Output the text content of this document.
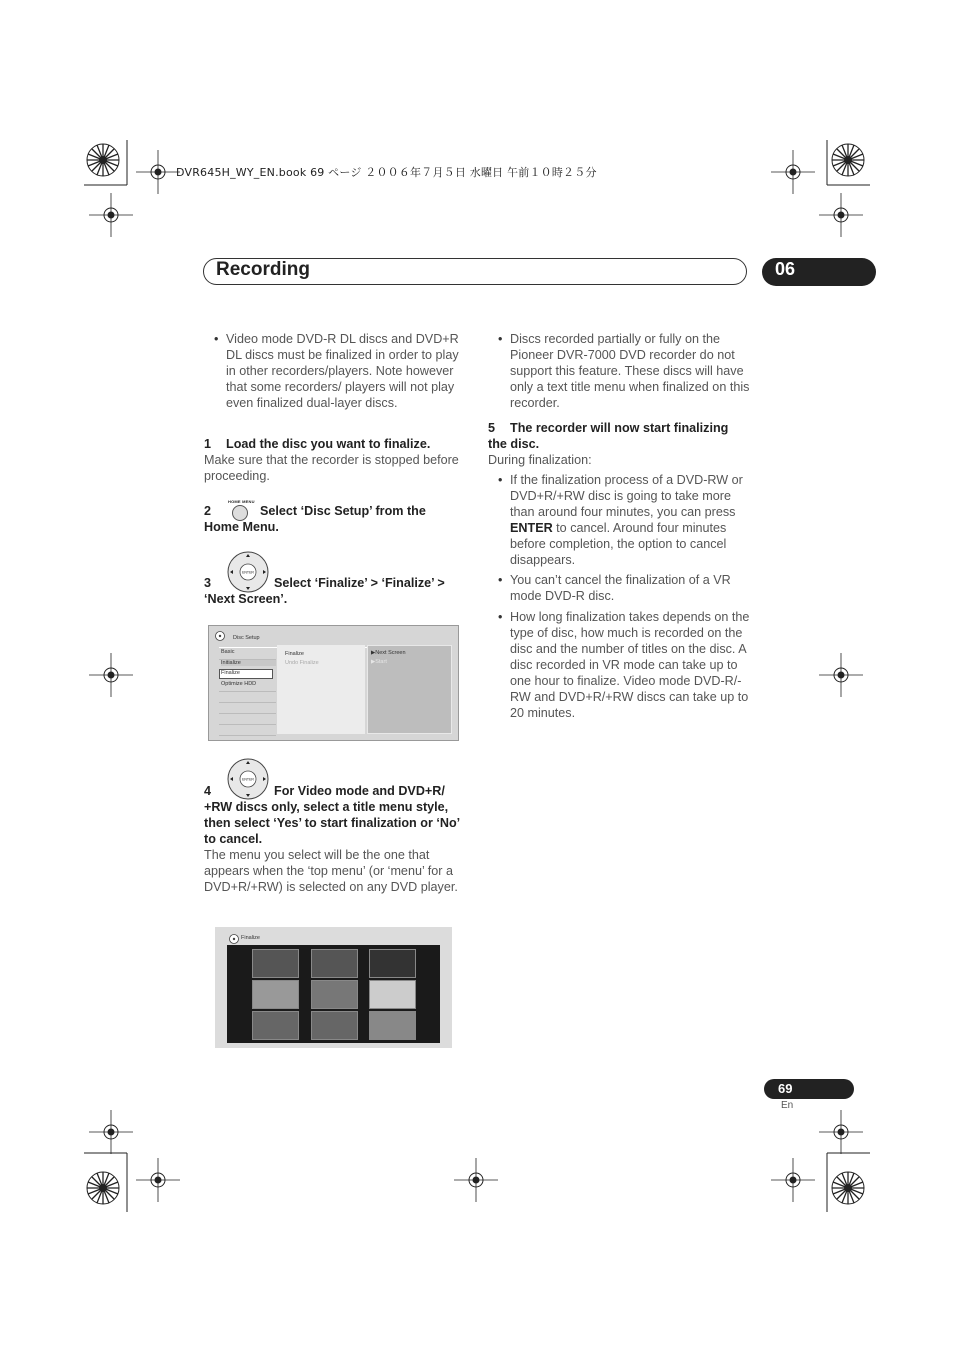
DVR645H_WY_EN.book 69 ページ ２００６年７月５日 水曜日 午前１０時２５分
Recording	06

• Video mode DVD-R DL discs and DVD+R DL discs must be finalized in order to play in other recorders/players. Note however that some recorders/ players will not play even finalized dual-layer discs.

1 Load the disc you want to finalize.

Make sure that the recorder is stopped before proceeding.

HOME MENU

2	Select ‘Disc Setup’ from the Home Menu.

ENTER

3	Select ‘Finalize’ > ‘Finalize’ > ‘Next Screen’.

Disc Setup
Basic
Initialize
Finalize
Optimize HDD
Finalize
Undo Finalize
▶Next Screen
▶Start
ENTER

4	For Video mode and DVD+R/ +RW discs only, select a title menu style, then select ‘Yes’ to start finalization or ‘No’ to cancel.

The menu you select will be the one that appears when the ‘top menu’ (or ‘menu’ for a DVD+R/+RW) is selected on any DVD player.

Finalize

• Discs recorded partially or fully on the Pioneer DVR-7000 DVD recorder do not support this feature. These discs will have only a text title menu when finalized on this recorder.

5 The recorder will now start finalizing the disc.

During finalization:

• If the finalization process of a DVD-RW or DVD+R/+RW disc is going to take more than around four minutes, you can press ENTER to cancel. Around four minutes before completion, the option to cancel disappears.

• You can’t cancel the finalization of a VR mode DVD-R disc.

• How long finalization takes depends on the type of disc, how much is recorded on the disc and the number of titles on the disc. A disc recorded in VR mode can take up to one hour to finalize. Video mode DVD-R/-RW and DVD+R/+RW discs can take up to 20 minutes.

69
En
